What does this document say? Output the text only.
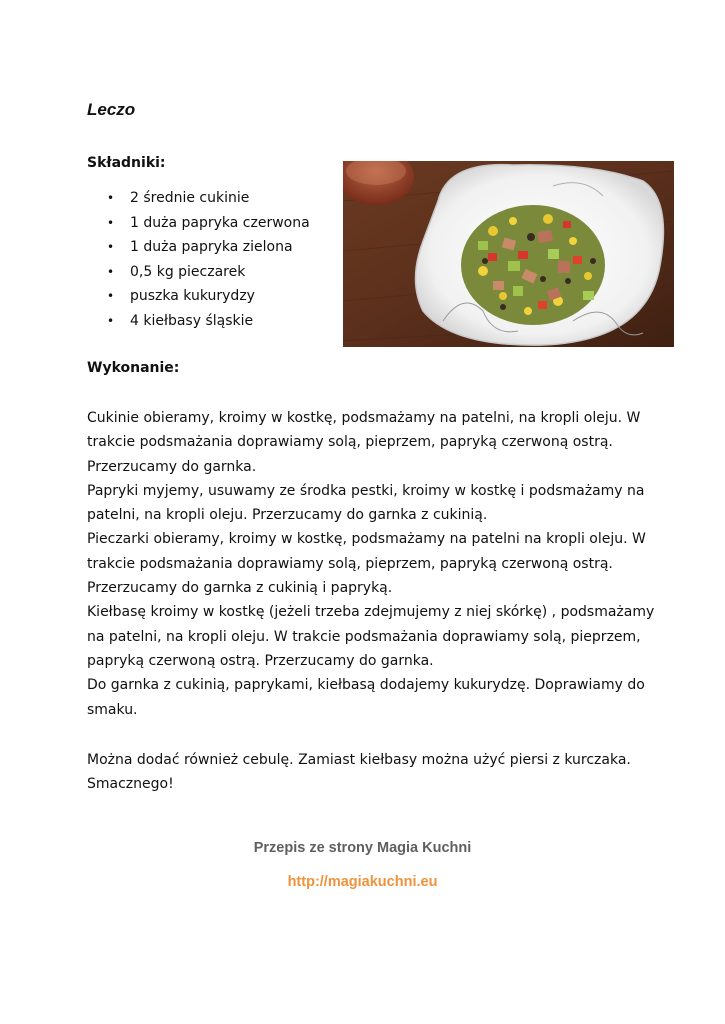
Leczo
Składniki:
• 2 średnie cukinie
• 1 duża papryka czerwona
• 1 duża papryka zielona
• 0,5 kg pieczarek
• puszka kukurydzy
• 4 kiełbasy śląskie
Wykonanie:
Cukinie obieramy, kroimy w kostkę, podsmażamy na patelni, na kropli oleju. W
trakcie podsmażania doprawiamy solą, pieprzem, papryką czerwoną ostrą.
Przerzucamy do garnka.
Papryki myjemy, usuwamy ze środka pestki, kroimy w kostkę i podsmażamy na
patelni, na kropli oleju. Przerzucamy do garnka z cukinią.
Pieczarki obieramy, kroimy w kostkę, podsmażamy na patelni na kropli oleju. W
trakcie podsmażania doprawiamy solą, pieprzem, papryką czerwoną ostrą.
Przerzucamy do garnka z cukinią i papryką.
Kiełbasę kroimy w kostkę (jeżeli trzeba zdejmujemy z niej skórkę) , podsmażamy
na patelni, na kropli oleju. W trakcie podsmażania doprawiamy solą, pieprzem,
papryką czerwoną ostrą. Przerzucamy do garnka.
Do garnka z cukinią, paprykami, kiełbasą dodajemy kukurydzę. Doprawiamy do
smaku.
Można dodać również cebulę. Zamiast kiełbasy można użyć piersi z kurczaka.
Smacznego!

Przepis ze strony Magia Kuchni

http://magiakuchni.eu
